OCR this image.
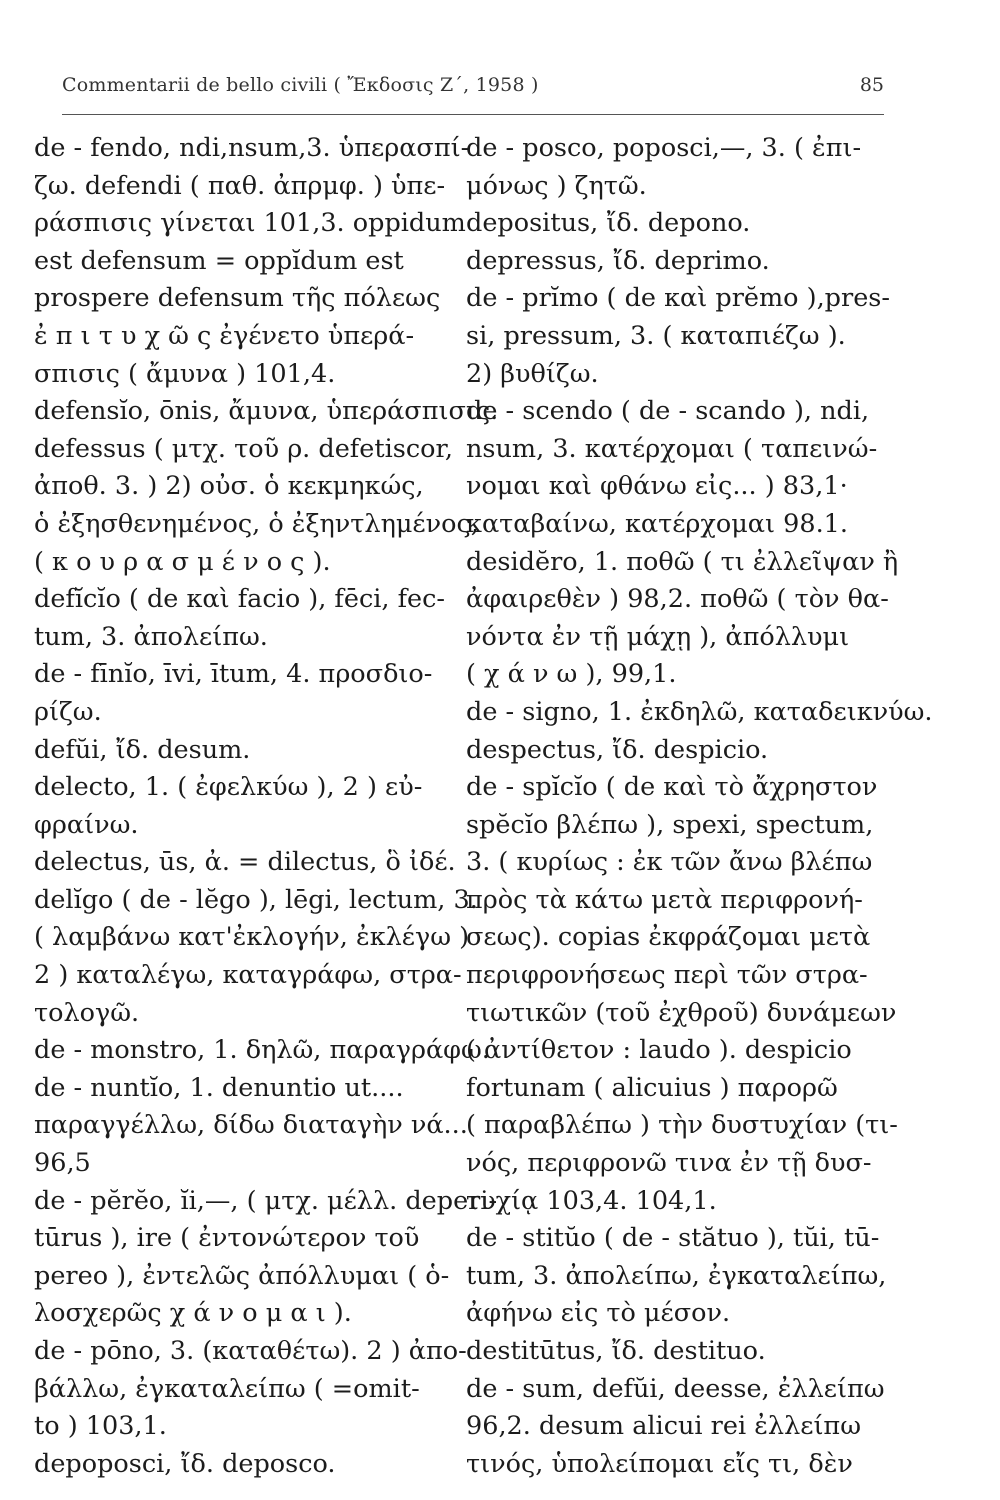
Commentarii de bello civili ( Ἔκδοσις Ζ΄, 1958 )	85
de - fendo, ndi,nsum,3. ὑπερασπί-
ζω. defendi ( παθ. ἀπρμφ. ) ὑπε-
ράσπισις γίνεται 101,3. oppidum
est defensum = oppĭdum est
prospere defensum τῆς πόλεως
ἐ π ι τ υ χ ῶ ς ἐγένετο ὑπερά-
σπισις ( ἄμυνα ) 101,4.
defensĭo, ōnis, ἄμυνα, ὑπεράσπισις.
defessus ( μτχ. τοῦ ρ. defetiscor,
ἀποθ. 3. ) 2) οὐσ. ὁ κεκμηκώς,
ὁ ἐξησθενημένος, ὁ ἐξηντλημένος,
( κ ο υ ρ α σ μ έ ν ο ς ).
defĭcĭo ( de καὶ facio ), fēci, fec-
tum, 3. ἀπολείπω.
de - fīnĭo, īvi, ītum, 4. προσδιο-
ρίζω.
defŭi, ἴδ. desum.
delecto, 1. ( ἐφελκύω ), 2 ) εὐ-
φραίνω.
delectus, ūs, ἀ. = dilectus, ὃ ἰδέ.
delĭgo ( de - lĕgo ), lēgi, lectum, 3.
( λαμβάνω κατ'ἐκλογήν, ἐκλέγω )
2 ) καταλέγω, καταγράφω, στρα-
τολογῶ.
de - monstro, 1. δηλῶ, παραγράφω.
de - nuntĭo, 1. denuntio ut....
παραγγέλλω, δίδω διαταγὴν νά...
96,5
de - pĕrĕo, ĭi,—, ( μτχ. μέλλ. deperi-
tūrus ), ire ( ἐντονώτερον τοῦ
pereo ), ἐντελῶς ἀπόλλυμαι ( ὁ-
λοσχερῶς χ ά ν ο μ α ι ).
de - pōno, 3. (καταθέτω). 2 ) ἀπο-
βάλλω, ἐγκαταλείπω ( =omit-
to ) 103,1.
depoposci, ἴδ. deposco.
de - posco, poposci,—, 3. ( ἐπι-
μόνως ) ζητῶ.
depositus, ἴδ. depono.
depressus, ἴδ. deprimo.
de - prĭmo ( de καὶ prĕmo ),pres-
si, pressum, 3. ( καταπιέζω ).
2) βυθίζω.
de - scendo ( de - scando ), ndi,
nsum, 3. κατέρχομαι ( ταπεινώ-
νομαι καὶ φθάνω εἰς... ) 83,1·
καταβαίνω, κατέρχομαι 98.1.
desidĕro, 1. ποθῶ ( τι ἐλλεῖψαν ἢ
ἀφαιρεθὲν ) 98,2. ποθῶ ( τὸν θα-
νόντα ἐν τῇ μάχῃ ), ἀπόλλυμι
( χ ά ν ω ), 99,1.
de - signo, 1. ἐκδηλῶ, καταδεικνύω.
despectus, ἴδ. despicio.
de - spĭcĭo ( de καὶ τὸ ἄχρηστον
spĕcĭo βλέπω ), spexi, spectum,
3. ( κυρίως : ἐκ τῶν ἄνω βλέπω
πρὸς τὰ κάτω μετὰ περιφρονή-
σεως). copias ἐκφράζομαι μετὰ
περιφρονήσεως περὶ τῶν στρα-
τιωτικῶν (τοῦ ἐχθροῦ) δυνάμεων
( ἀντίθετον : laudo ). despicio
fortunam ( alicuius ) παρορῶ
( παραβλέπω ) τὴν δυστυχίαν (τι-
νός, περιφρονῶ τινα ἐν τῇ δυσ-
τυχίᾳ 103,4. 104,1.
de - stitŭo ( de - stătuo ), tŭi, tū-
tum, 3. ἀπολείπω, ἐγκαταλείπω,
ἀφήνω εἰς τὸ μέσον.
destitūtus, ἴδ. destituo.
de - sum, defŭi, deesse, ἐλλείπω
96,2. desum alicui rei ἐλλείπω
τινός, ὑπολείπομαι εἴς τι, δὲν
